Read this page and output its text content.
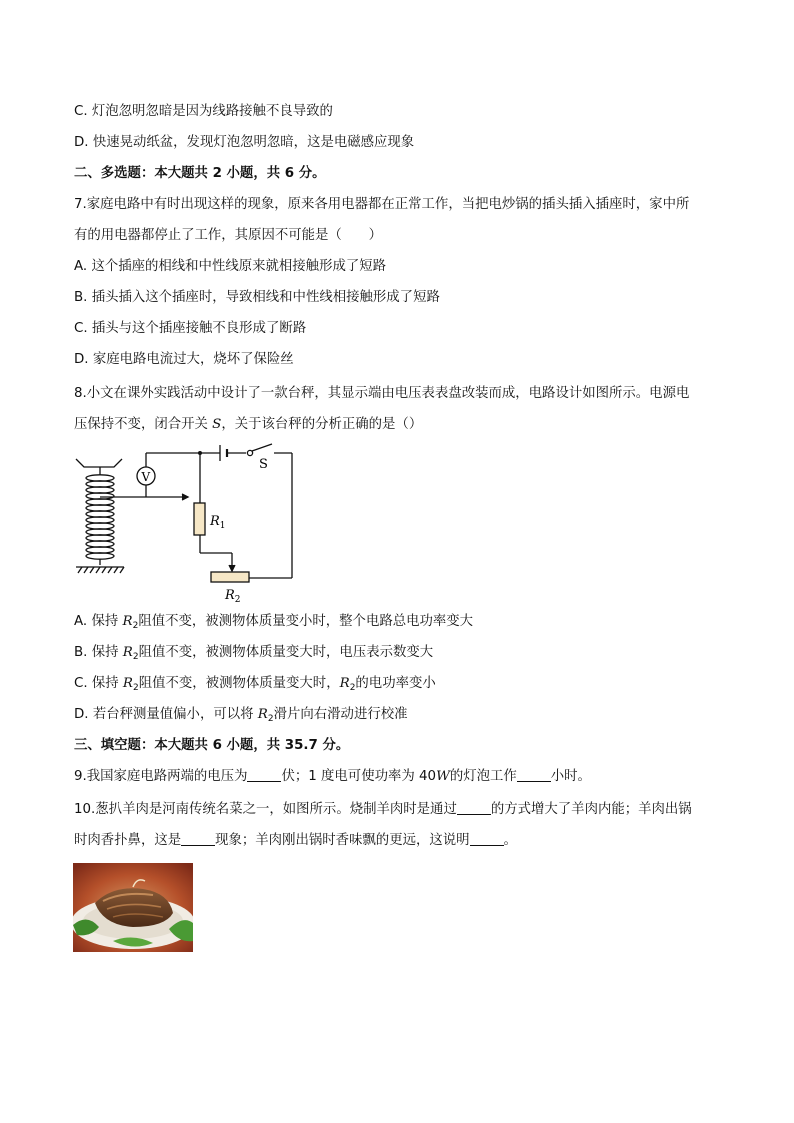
C. 灯泡忽明忽暗是因为线路接触不良导致的
D. 快速晃动纸盆，发现灯泡忽明忽暗，这是电磁感应现象
二、多选题：本大题共 2 小题，共 6 分。
7.家庭电路中有时出现这样的现象，原来各用电器都在正常工作，当把电炒锅的插头插入插座时，家中所
有的用电器都停止了工作，其原因不可能是（　　）
A. 这个插座的相线和中性线原来就相接触形成了短路
B. 插头插入这个插座时，导致相线和中性线相接触形成了短路
C. 插头与这个插座接触不良形成了断路
D. 家庭电路电流过大，烧坏了保险丝
8.小文在课外实践活动中设计了一款台秤，其显示端由电压表表盘改装而成，电路设计如图所示。电源电
压保持不变，闭合开关 S，关于该台秤的分析正确的是（）
V
S
$R_1$
$R_2$
A. 保持 $R_2$阻值不变，被测物体质量变小时，整个电路总电功率变大
B. 保持 $R_2$阻值不变，被测物体质量变大时，电压表示数变大
C. 保持 $R_2$阻值不变，被测物体质量变大时，$R_2$的电功率变小
D. 若台秤测量值偏小，可以将 $R_2$滑片向右滑动进行校准
三、填空题：本大题共 6 小题，共 35.7 分。
9.我国家庭电路两端的电压为	伏；1 度电可使功率为 40W的灯泡工作	小时。
10.葱扒羊肉是河南传统名菜之一，如图所示。烧制羊肉时是通过	的方式增大了羊肉内能；羊肉出锅
时肉香扑鼻，这是	现象；羊肉刚出锅时香味飘的更远，这说明	。
